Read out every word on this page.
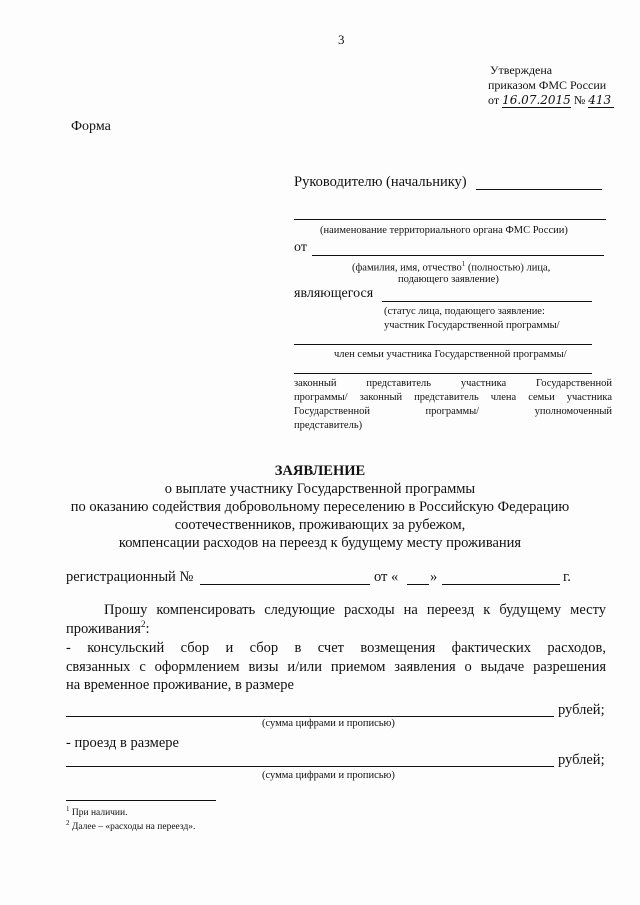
3
Утверждена
приказом ФМС России
от 16.07.2015 № 413
Форма
Руководителю (начальнику)
(наименование территориального органа ФМС России)
от
(фамилия, имя, отчество$^1$ (полностью) лица,
подающего заявление)
являющегося
(статус лица, подающего заявление:
участник Государственной программы/
член семьи участника Государственной программы/
законный представитель участника Государственной
программы/ законный представитель члена семьи участника
Государственной программы/ уполномоченный
представитель)
ЗАЯВЛЕНИЕ
о выплате участнику Государственной программы
по оказанию содействия добровольному переселению в Российскую Федерацию
соотечественников, проживающих за рубежом,
компенсации расходов на переезд к будущему месту проживания
регистрационный №	от « »	г.
Прошу компенсировать следующие расходы на переезд к будущему месту
проживания$^2$:
- консульский сбор и сбор в счет возмещения фактических расходов,
связанных с оформлением визы и/или приемом заявления о выдаче разрешения
на временное проживание, в размере
рублей;
(сумма цифрами и прописью)
- проезд в размере
рублей;
(сумма цифрами и прописью)
$^1$ При наличии.
$^2$ Далее – «расходы на переезд».
